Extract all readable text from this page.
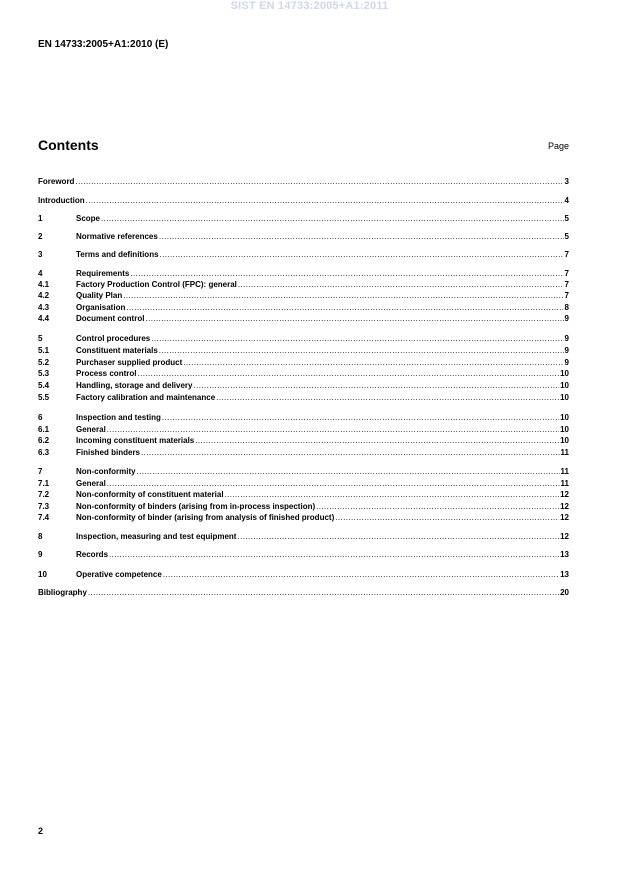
SIST EN 14733:2005+A1:2011
EN 14733:2005+A1:2010 (E)
Contents	Page
Foreword .....	3
Introduction .....	4
1	Scope .....	5
2	Normative references .....	5
3	Terms and definitions .....	7
4	Requirements .....	7
4.1	Factory Production Control (FPC): general .....	7
4.2	Quality Plan .....	7
4.3	Organisation .....	8
4.4	Document control .....	9
5	Control procedures .....	9
5.1	Constituent materials .....	9
5.2	Purchaser supplied product .....	9
5.3	Process control .....	10
5.4	Handling, storage and delivery .....	10
5.5	Factory calibration and maintenance .....	10
6	Inspection and testing .....	10
6.1	General .....	10
6.2	Incoming constituent materials .....	10
6.3	Finished binders .....	11
7	Non-conformity .....	11
7.1	General .....	11
7.2	Non-conformity of constituent material .....	12
7.3	Non-conformity of binders (arising from in-process inspection) .....	12
7.4	Non-conformity of binder (arising from analysis of finished product) .....	12
8	Inspection, measuring and test equipment .....	12
9	Records .....	13
10	Operative competence .....	13
Bibliography .....	20
2
